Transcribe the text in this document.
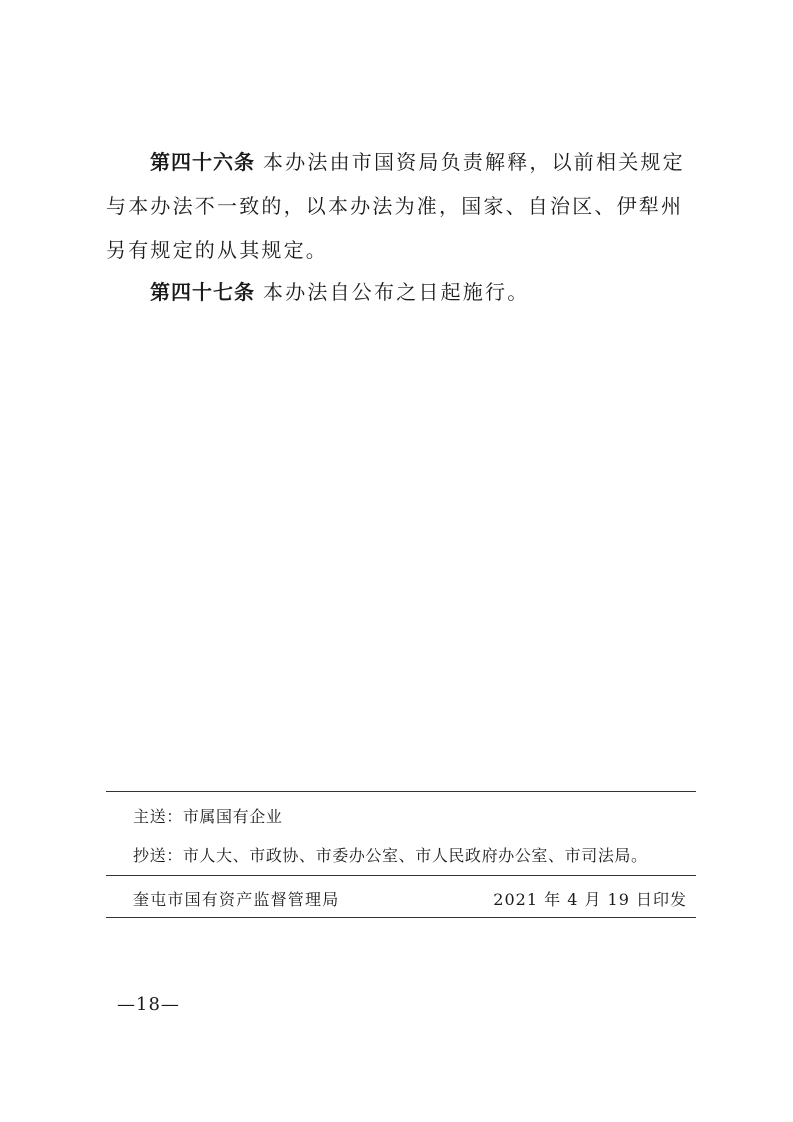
第四十六条 本办法由市国资局负责解释，以前相关规定与本办法不一致的，以本办法为准，国家、自治区、伊犁州另有规定的从其规定。
第四十七条 本办法自公布之日起施行。
主送：市属国有企业
抄送：市人大、市政协、市委办公室、市人民政府办公室、市司法局。
奎屯市国有资产监督管理局	2021 年 4 月 19 日印发
—18—
